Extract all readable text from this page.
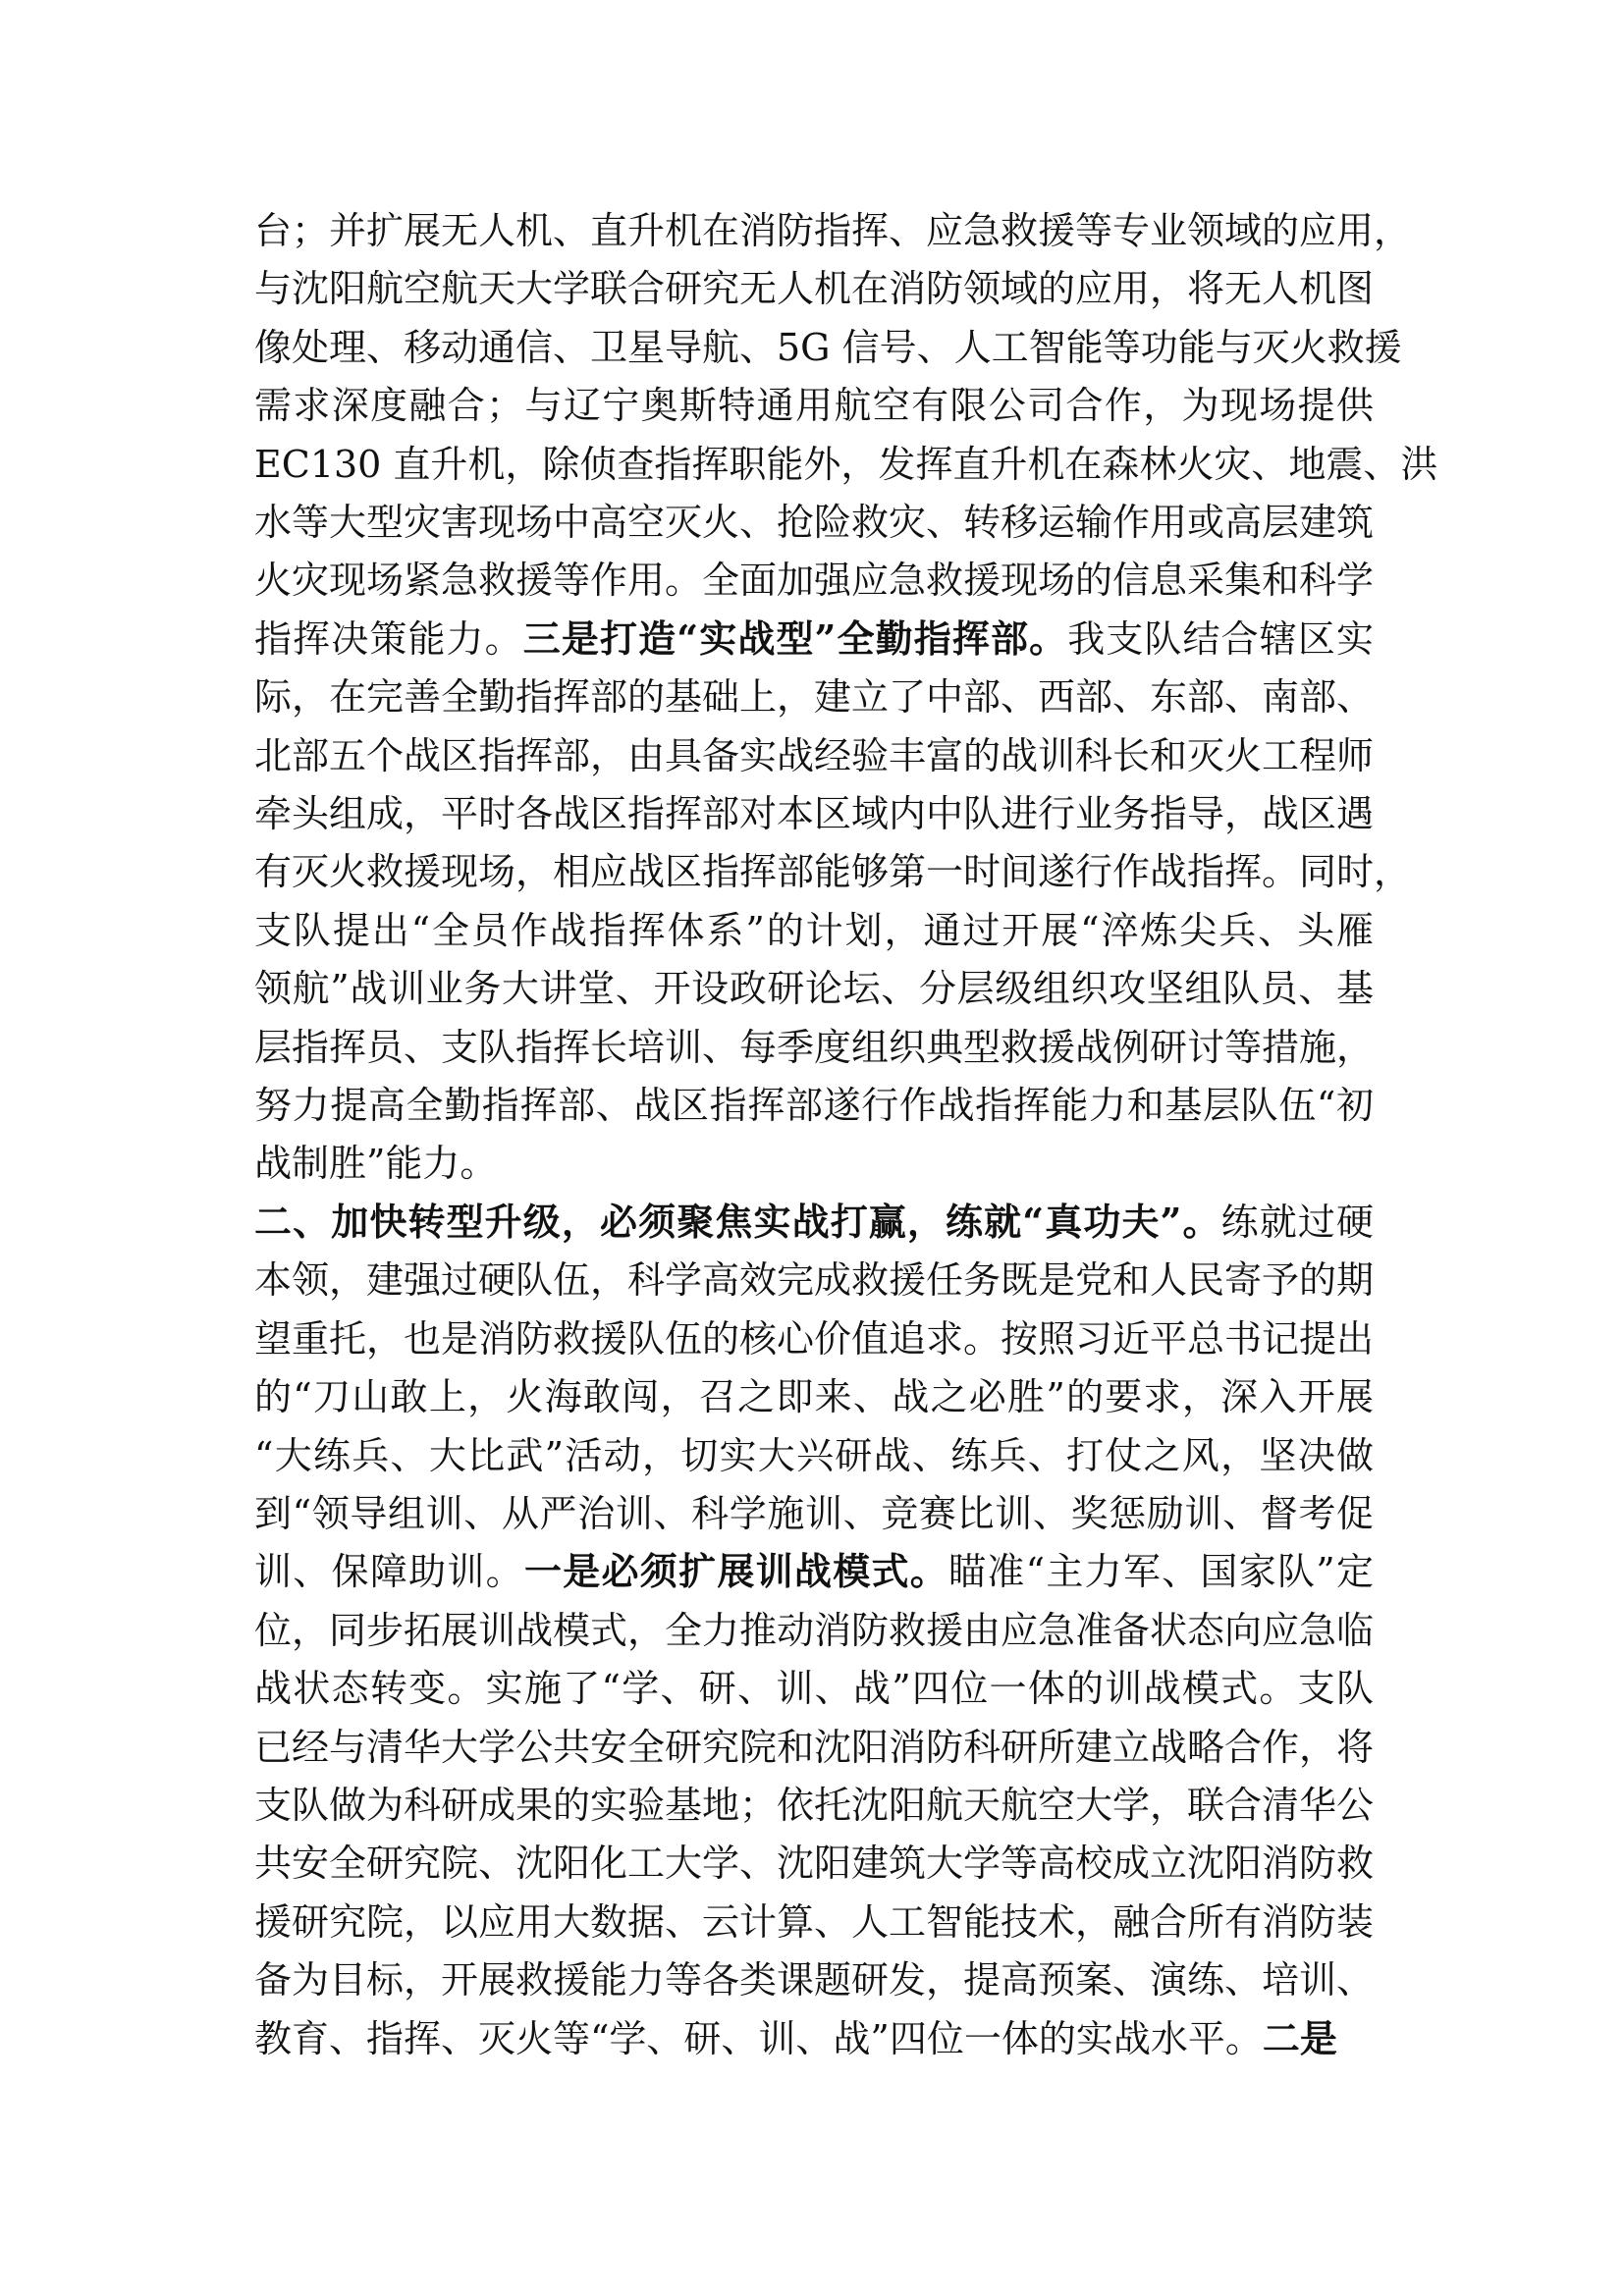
台；并扩展无人机、直升机在消防指挥、应急救援等专业领域的应用，
与沈阳航空航天大学联合研究无人机在消防领域的应用，将无人机图
像处理、移动通信、卫星导航、5G 信号、人工智能等功能与灭火救援
需求深度融合；与辽宁奥斯特通用航空有限公司合作，为现场提供
EC130 直升机，除侦查指挥职能外，发挥直升机在森林火灾、地震、洪
水等大型灾害现场中高空灭火、抢险救灾、转移运输作用或高层建筑
火灾现场紧急救援等作用。全面加强应急救援现场的信息采集和科学
指挥决策能力。三是打造“实战型”全勤指挥部。我支队结合辖区实
际，在完善全勤指挥部的基础上，建立了中部、西部、东部、南部、
北部五个战区指挥部，由具备实战经验丰富的战训科长和灭火工程师
牵头组成，平时各战区指挥部对本区域内中队进行业务指导，战区遇
有灭火救援现场，相应战区指挥部能够第一时间遂行作战指挥。同时，
支队提出“全员作战指挥体系”的计划，通过开展“淬炼尖兵、头雁
领航”战训业务大讲堂、开设政研论坛、分层级组织攻坚组队员、基
层指挥员、支队指挥长培训、每季度组织典型救援战例研讨等措施，
努力提高全勤指挥部、战区指挥部遂行作战指挥能力和基层队伍“初
战制胜”能力。
二、加快转型升级，必须聚焦实战打赢，练就“真功夫”。练就过硬
本领，建强过硬队伍，科学高效完成救援任务既是党和人民寄予的期
望重托，也是消防救援队伍的核心价值追求。按照习近平总书记提出
的“刀山敢上，火海敢闯，召之即来、战之必胜”的要求，深入开展
“大练兵、大比武”活动，切实大兴研战、练兵、打仗之风，坚决做
到“领导组训、从严治训、科学施训、竞赛比训、奖惩励训、督考促
训、保障助训。一是必须扩展训战模式。瞄准“主力军、国家队”定
位，同步拓展训战模式，全力推动消防救援由应急准备状态向应急临
战状态转变。实施了“学、研、训、战”四位一体的训战模式。支队
已经与清华大学公共安全研究院和沈阳消防科研所建立战略合作，将
支队做为科研成果的实验基地；依托沈阳航天航空大学，联合清华公
共安全研究院、沈阳化工大学、沈阳建筑大学等高校成立沈阳消防救
援研究院，以应用大数据、云计算、人工智能技术，融合所有消防装
备为目标，开展救援能力等各类课题研发，提高预案、演练、培训、
教育、指挥、灭火等“学、研、训、战”四位一体的实战水平。二是
